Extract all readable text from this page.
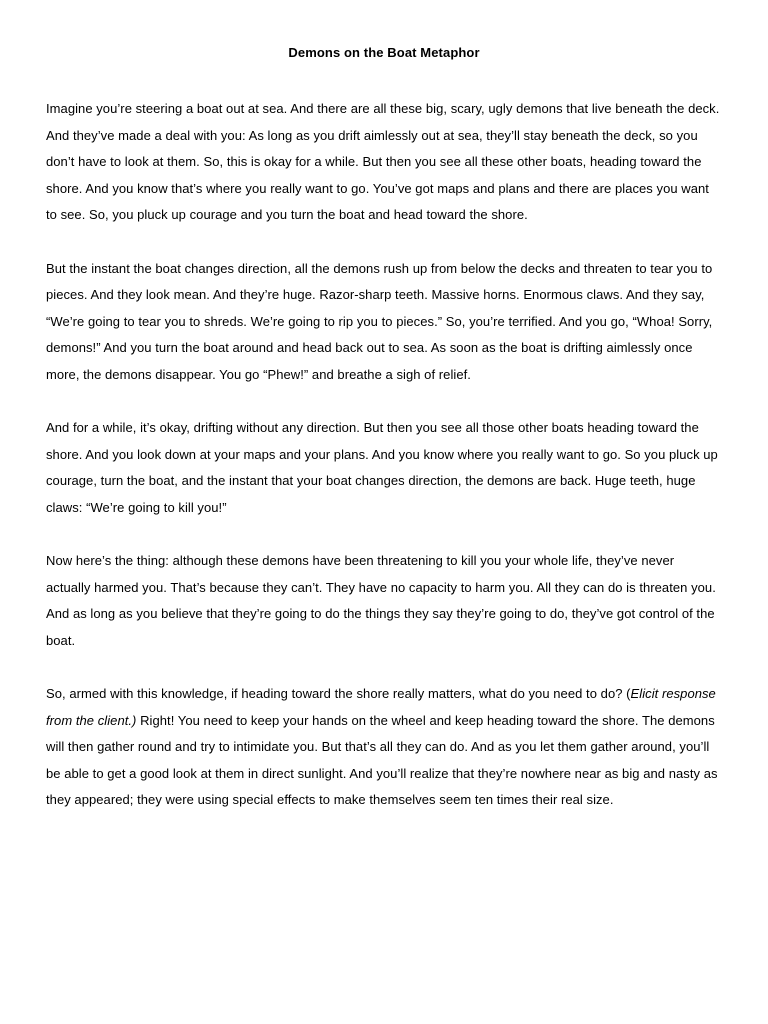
Demons on the Boat Metaphor

Imagine you’re steering a boat out at sea. And there are all these big, scary, ugly demons that live beneath the deck. And they’ve made a deal with you: As long as you drift aimlessly out at sea, they’ll stay beneath the deck, so you don’t have to look at them. So, this is okay for a while. But then you see all these other boats, heading toward the shore. And you know that’s where you really want to go. You’ve got maps and plans and there are places you want to see. So, you pluck up courage and you turn the boat and head toward the shore.

But the instant the boat changes direction, all the demons rush up from below the decks and threaten to tear you to pieces. And they look mean. And they’re huge. Razor-sharp teeth. Massive horns. Enormous claws. And they say, “We’re going to tear you to shreds. We’re going to rip you to pieces.” So, you’re terrified. And you go, “Whoa! Sorry, demons!” And you turn the boat around and head back out to sea. As soon as the boat is drifting aimlessly once more, the demons disappear. You go “Phew!” and breathe a sigh of relief.

And for a while, it’s okay, drifting without any direction. But then you see all those other boats heading toward the shore. And you look down at your maps and your plans. And you know where you really want to go. So you pluck up courage, turn the boat, and the instant that your boat changes direction, the demons are back. Huge teeth, huge claws: “We’re going to kill you!”

Now here’s the thing: although these demons have been threatening to kill you your whole life, they’ve never actually harmed you. That’s because they can’t. They have no capacity to harm you. All they can do is threaten you. And as long as you believe that they’re going to do the things they say they’re going to do, they’ve got control of the boat.

So, armed with this knowledge, if heading toward the shore really matters, what do you need to do? (Elicit response from the client.) Right! You need to keep your hands on the wheel and keep heading toward the shore. The demons will then gather round and try to intimidate you. But that’s all they can do. And as you let them gather around, you’ll be able to get a good look at them in direct sunlight. And you’ll realize that they’re nowhere near as big and nasty as they appeared; they were using special effects to make themselves seem ten times their real size.
